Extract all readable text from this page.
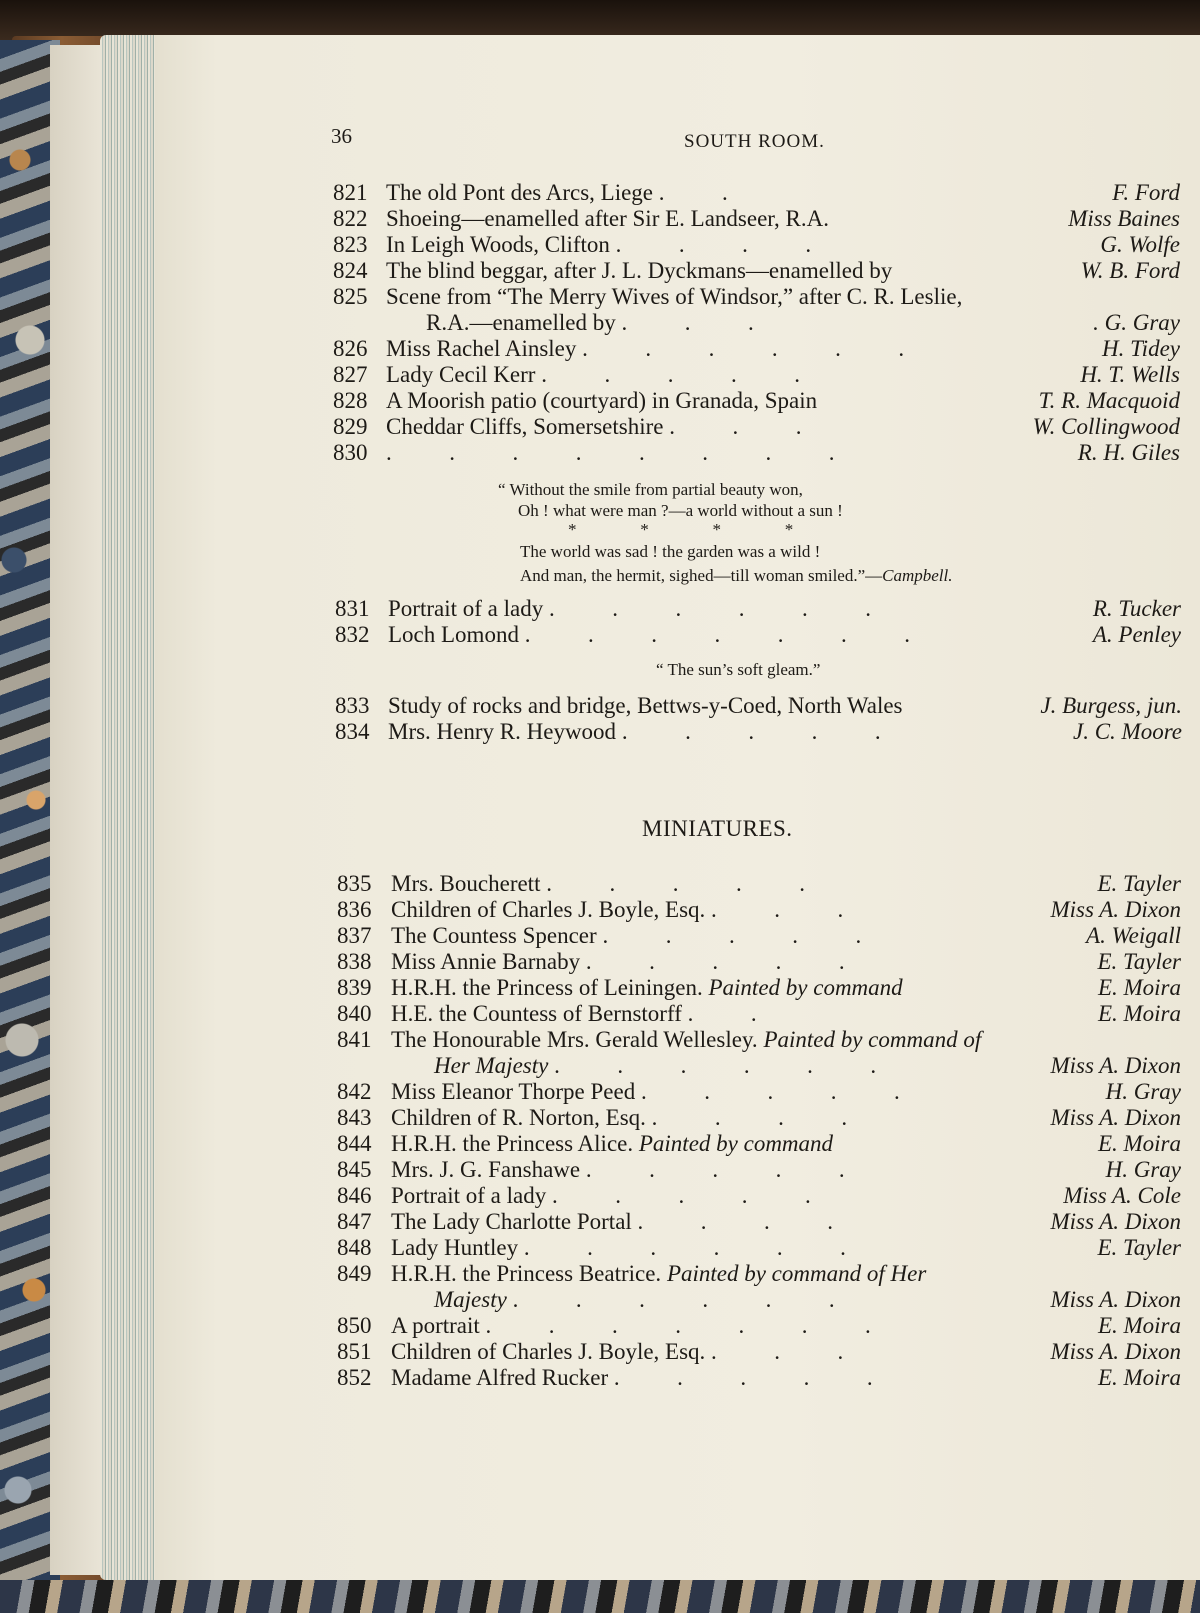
36	SOUTH ROOM.
821 The old Pont des Arcs, Liege .          .	F. Ford
822 Shoeing—enamelled after Sir E. Landseer, R.A.	Miss Baines
823 In Leigh Woods, Clifton .          .          .          .	G. Wolfe
824 The blind beggar, after J. L. Dyckmans—enamelled by	W. B. Ford
825 Scene from “The Merry Wives of Windsor,” after C. R. Leslie,
R.A.—enamelled by .          .          .	. G. Gray
826 Miss Rachel Ainsley .          .          .          .          .          .	H. Tidey
827 Lady Cecil Kerr .          .          .          .          .	H. T. Wells
828 A Moorish patio (courtyard) in Granada, Spain	T. R. Macquoid
829 Cheddar Cliffs, Somersetshire .          .          .	W. Collingwood
830 .          .          .          .          .          .          .          .	R. H. Giles
“ Without the smile from partial beauty won,
Oh ! what were man ?—a world without a sun !
*               *               *               *
The world was sad ! the garden was a wild !
And man, the hermit, sighed—till woman smiled.”—Campbell.
831 Portrait of a lady .          .          .          .          .          .	R. Tucker
832 Loch Lomond .          .          .          .          .          .          .	A. Penley
“ The sun’s soft gleam.”
833 Study of rocks and bridge, Bettws-y-Coed, North Wales	J. Burgess, jun.
834 Mrs. Henry R. Heywood .          .          .          .          .	J. C. Moore
MINIATURES.
835 Mrs. Boucherett .          .          .          .          .	E. Tayler
836 Children of Charles J. Boyle, Esq. .          .          .	Miss A. Dixon
837 The Countess Spencer .          .          .          .          .	A. Weigall
838 Miss Annie Barnaby .          .          .          .          .	E. Tayler
839 H.R.H. the Princess of Leiningen. Painted by command	E. Moira
840 H.E. the Countess of Bernstorff .          .	E. Moira
841 The Honourable Mrs. Gerald Wellesley. Painted by command of
Her Majesty .          .          .          .          .          .	Miss A. Dixon
842 Miss Eleanor Thorpe Peed .          .          .          .          .	H. Gray
843 Children of R. Norton, Esq. .          .          .          .	Miss A. Dixon
844 H.R.H. the Princess Alice. Painted by command	E. Moira
845 Mrs. J. G. Fanshawe .          .          .          .          .	H. Gray
846 Portrait of a lady .          .          .          .          .	Miss A. Cole
847 The Lady Charlotte Portal .          .          .          .	Miss A. Dixon
848 Lady Huntley .          .          .          .          .          .	E. Tayler
849 H.R.H. the Princess Beatrice. Painted by command of Her
Majesty .          .          .          .          .          .	Miss A. Dixon
850 A portrait .          .          .          .          .          .          .	E. Moira
851 Children of Charles J. Boyle, Esq. .          .          .	Miss A. Dixon
852 Madame Alfred Rucker .          .          .          .          .	E. Moira
